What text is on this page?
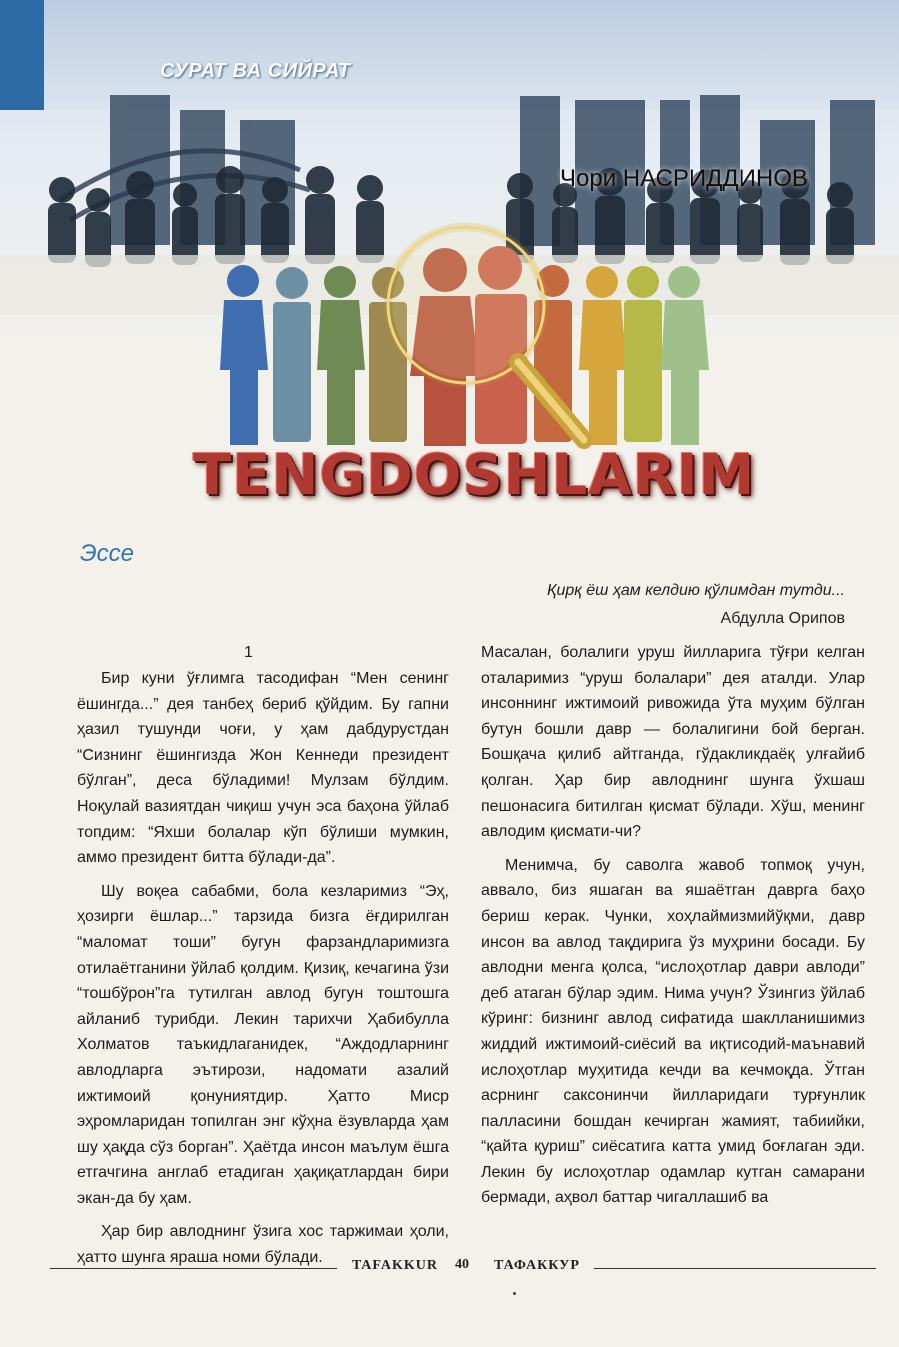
СУРАТ ВА СИЙРАТ
Чори НАСРИДДИНОВ
TENGDOSHLARIM
Эссе
Қирқ ёш ҳам келдию қўлимдан тутди...
Абдулла Орипов
1

Бир куни ўғлимга тасодифан “Мен сенинг ёшингда...” дея танбеҳ бериб қўйдим. Бу гапни ҳазил тушунди чоғи, у ҳам дабдурустдан “Сизнинг ёшингизда Жон Кеннеди президент бўлган”, деса бўладими! Мулзам бўлдим. Ноқулай вазиятдан чиқиш учун эса баҳона ўйлаб топдим: “Яхши болалар кўп бўлиши мумкин, аммо президент битта бўлади-да”.

Шу воқеа сабабми, бола кезларимиз “Эҳ, ҳозирги ёшлар...” тарзида бизга ёғдирилган “маломат тоши” бугун фарзандларимизга отилаётганини ўйлаб қолдим. Қизиқ, кечагина ўзи “тошбўрон”га тутилган авлод бугун тоштошга айланиб турибди. Лекин тарихчи Ҳабибулла Холматов таъкидлаганидек, “Аждодларнинг авлодларга эътирози, надомати азалий ижтимоий қонуниятдир. Ҳатто Миср эҳромларидан топилган энг кўҳна ёзувларда ҳам шу ҳақда сўз борган”. Ҳаётда инсон маълум ёшга етгачгина англаб етадиган ҳақиқатлардан бири экан-да бу ҳам.

Ҳар бир авлоднинг ўзига хос таржимаи ҳоли, ҳатто шунга яраша номи бўлади.

Масалан, болалиги уруш йилларига тўғри келган оталаримиз “уруш болалари” дея аталди. Улар инсоннинг ижтимоий ривожида ўта муҳим бўлган бутун бошли давр — болалигини бой берган. Бошқача қилиб айтганда, гўдакликдаёқ улғайиб қолган. Ҳар бир авлоднинг шунга ўхшаш пешонасига битилган қисмат бўлади. Хўш, менинг авлодим қисмати-чи?

Менимча, бу саволга жавоб топмоқ учун, аввало, биз яшаган ва яшаётган даврга баҳо бериш керак. Чунки, хоҳлаймизмийўқми, давр инсон ва авлод тақдирига ўз муҳрини босади. Бу авлодни менга қолса, “ислоҳотлар даври авлоди” деб атаган бўлар эдим. Нима учун? Ўзингиз ўйлаб кўринг: бизнинг авлод сифатида шаклланишимиз жиддий ижтимоий-сиёсий ва иқтисодий-маънавий ислоҳотлар муҳитида кечди ва кечмоқда. Ўтган асрнинг саксонинчи йилларидаги турғунлик палласини бошдан кечирган жамият, табиийки, “қайта қуриш” сиёсатига катта умид боғлаган эди. Лекин бу ислоҳотлар одамлар кутган самарани бермади, аҳвол баттар чигаллашиб ва

TAFAKKUR 40 ТАФАККУР
